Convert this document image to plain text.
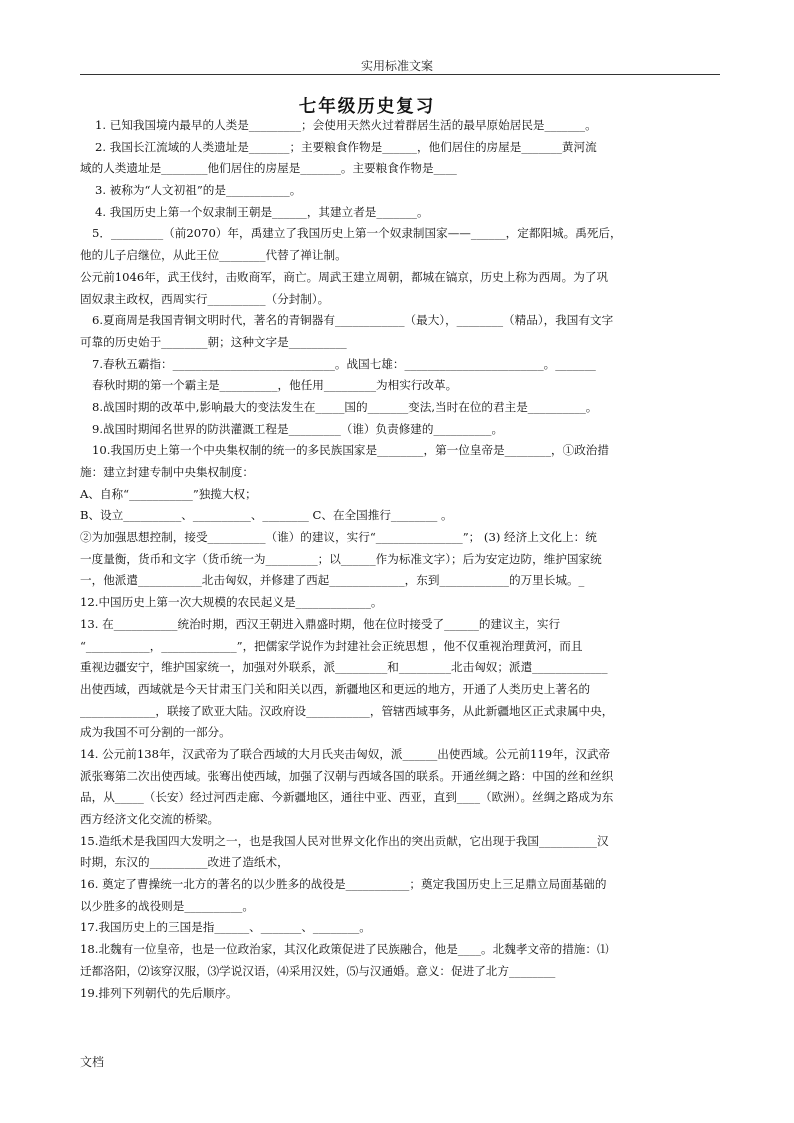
实用标准文案
七年级历史复习
1. 已知我国境内最早的人类是_________；会使用天然火过着群居生活的最早原始居民是_______。
2. 我国长江流域的人类遗址是_______；主要粮食作物是______，他们居住的房屋是_______黄河流
域的人类遗址是________他们居住的房屋是_______。主要粮食作物是____
3. 被称为“人文初祖”的是___________。
4. 我国历史上第一个奴隶制王朝是______，其建立者是_______。
5．_________（前2070）年，禹建立了我国历史上第一个奴隶制国家——______，定都阳城。禹死后，
他的儿子启继位，从此王位________代替了禅让制。
公元前1046年，武王伐纣，击败商军，商亡。周武王建立周朝，都城在镐京，历史上称为西周。为了巩
固奴隶主政权，西周实行__________（分封制）。
6.夏商周是我国青铜文明时代，著名的青铜器有____________（最大），________（精品），我国有文字
可靠的历史始于________朝；这种文字是__________
7.春秋五霸指：____________________________。战国七雄：________________________。_______
春秋时期的第一个霸主是__________，他任用_________为相实行改革。
8.战国时期的改革中,影响最大的变法发生在_____国的_______变法,当时在位的君主是__________。
9.战国时期闻名世界的防洪灌溉工程是_________（谁）负责修建的__________。
10.我国历史上第一个中央集权制的统一的多民族国家是________，第一位皇帝是________，①政治措
施：建立封建专制中央集权制度：
A、自称“___________”独揽大权；
B、设立__________、__________、________ C、在全国推行________ 。
②为加强思想控制，接受__________（谁）的建议，实行“_______________”； (3) 经济上文化上：统
一度量衡，货币和文字（货币统一为_________；以______作为标准文字）；后为安定边防，维护国家统
一，他派遣___________北击匈奴，并修建了西起_____________，东到____________的万里长城。_
12.中国历史上第一次大规模的农民起义是_____________。
13. 在___________统治时期，西汉王朝进入鼎盛时期，他在位时接受了______的建议主，实行
“___________，_____________”，把儒家学说作为封建社会正统思想 ，他不仅重视治理黄河，而且
重视边疆安宁，维护国家统一，加强对外联系，派_________和_________北击匈奴；派遣_____________
出使西域，西域就是今天甘肃玉门关和阳关以西，新疆地区和更远的地方，开通了人类历史上著名的
_____________，联接了欧亚大陆。汉政府设___________，管辖西域事务，从此新疆地区正式隶属中央，
成为我国不可分割的一部分。
14. 公元前138年，汉武帝为了联合西域的大月氏夹击匈奴，派______出使西域。公元前119年，汉武帝
派张骞第二次出使西域。张骞出使西域，加强了汉朝与西域各国的联系。开通丝绸之路：中国的丝和丝织
品，从_____（长安）经过河西走廊、今新疆地区，通往中亚、西亚，直到____（欧洲）。丝绸之路成为东
西方经济文化交流的桥梁。
15.造纸术是我国四大发明之一，也是我国人民对世界文化作出的突出贡献，它出现于我国__________汉
时期，东汉的__________改进了造纸术，
16. 奠定了曹操统一北方的著名的以少胜多的战役是___________；奠定我国历史上三足鼎立局面基础的
以少胜多的战役则是__________。
17.我国历史上的三国是指______、_______、________。
18.北魏有一位皇帝，也是一位政治家，其汉化政策促进了民族融合，他是____。北魏孝文帝的措施：⑴
迁都洛阳，⑵该穿汉服，⑶学说汉语，⑷采用汉姓，⑸与汉通婚。意义：促进了北方________
19.排列下列朝代的先后顺序。
文档
